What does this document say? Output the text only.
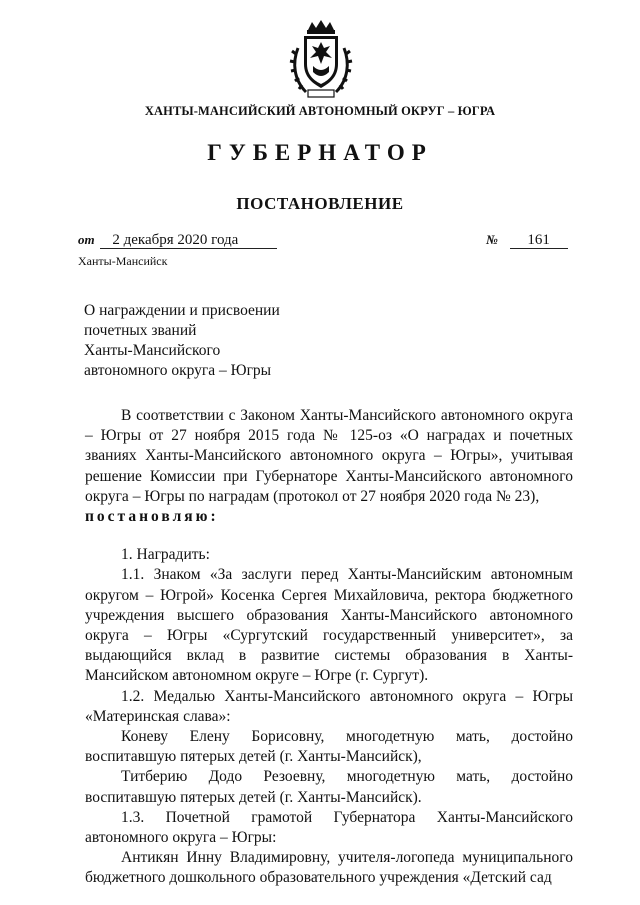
ХАНТЫ-МАНСИЙСКИЙ АВТОНОМНЫЙ ОКРУГ – ЮГРА
ГУБЕРНАТОР
ПОСТАНОВЛЕНИЕ
от 2 декабря 2020 года	№ 161
Ханты-Мансийск
О награждении и присвоении
почетных званий
Ханты-Мансийского
автономного округа – Югры

В соответствии с Законом Ханты-Мансийского автономного округа – Югры от 27 ноября 2015 года № 125-оз «О наградах и почетных званиях Ханты-Мансийского автономного округа – Югры», учитывая решение Комиссии при Губернаторе Ханты-Мансийского автономного округа – Югры по наградам (протокол от 27 ноября 2020 года № 23),
постановляю:

1. Наградить:

1.1. Знаком «За заслуги перед Ханты-Мансийским автономным округом – Югрой» Косенка Сергея Михайловича, ректора бюджетного учреждения высшего образования Ханты-Мансийского автономного округа – Югры «Сургутский государственный университет», за выдающийся вклад в развитие системы образования в Ханты-Мансийском автономном округе – Югре (г. Сургут).

1.2. Медалью Ханты-Мансийского автономного округа – Югры «Материнская слава»:

Коневу Елену Борисовну, многодетную мать, достойно воспитавшую пятерых детей (г. Ханты-Мансийск),

Титберию Додо Резоевну, многодетную мать, достойно воспитавшую пятерых детей (г. Ханты-Мансийск).

1.3. Почетной грамотой Губернатора Ханты-Мансийского автономного округа – Югры:

Антикян Инну Владимировну, учителя-логопеда муниципального бюджетного дошкольного образовательного учреждения «Детский сад
